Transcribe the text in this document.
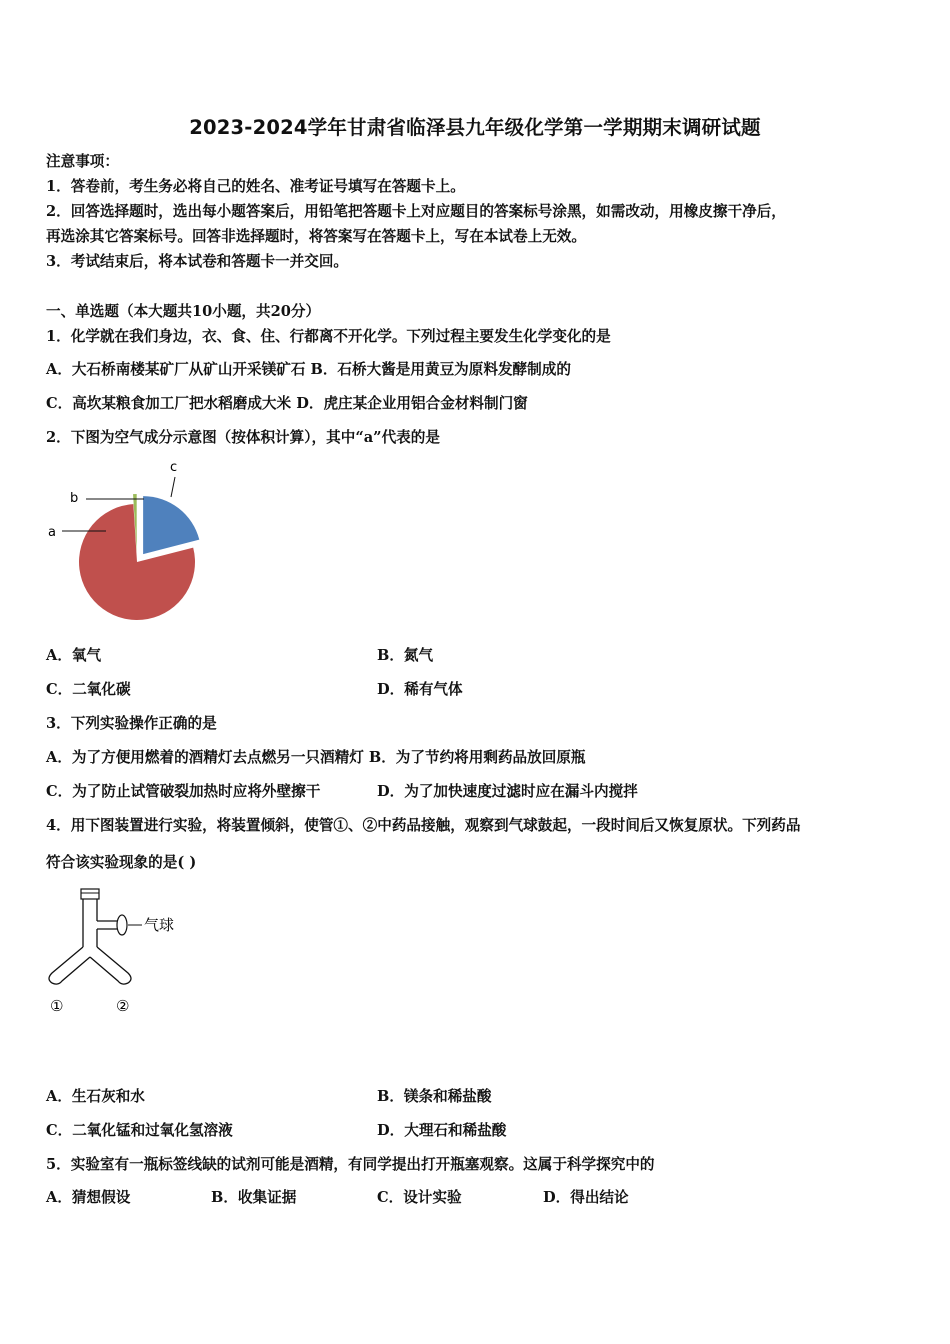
2023-2024学年甘肃省临泽县九年级化学第一学期期末调研试题
注意事项：
1．答卷前，考生务必将自己的姓名、准考证号填写在答题卡上。
2．回答选择题时，选出每小题答案后，用铅笔把答题卡上对应题目的答案标号涂黑，如需改动，用橡皮擦干净后，
再选涂其它答案标号。回答非选择题时，将答案写在答题卡上，写在本试卷上无效。
3．考试结束后，将本试卷和答题卡一并交回。
一、单选题（本大题共10小题，共20分）
1．化学就在我们身边，衣、食、住、行都离不开化学。下列过程主要发生化学变化的是
A．大石桥南楼某矿厂从矿山开采镁矿石 B．石桥大酱是用黄豆为原料发酵制成的
C．高坎某粮食加工厂把水稻磨成大米 D．虎庄某企业用铝合金材料制门窗
2．下图为空气成分示意图（按体积计算），其中“a”代表的是
a
b
c
A．氧气	B．氮气
C．二氧化碳	D．稀有气体
3．下列实验操作正确的是
A．为了方便用燃着的酒精灯去点燃另一只酒精灯 B．为了节约将用剩药品放回原瓶
C．为了防止试管破裂加热时应将外壁擦干	D．为了加快速度过滤时应在漏斗内搅拌
4．用下图装置进行实验，将装置倾斜，使管①、②中药品接触，观察到气球鼓起，一段时间后又恢复原状。下列药品
符合该实验现象的是( )
气球
①	②
A．生石灰和水	B．镁条和稀盐酸
C．二氧化锰和过氧化氢溶液	D．大理石和稀盐酸
5．实验室有一瓶标签线缺的试剂可能是酒精，有同学提出打开瓶塞观察。这属于科学探究中的
A．猜想假设	B．收集证据	C．设计实验	D．得出结论
